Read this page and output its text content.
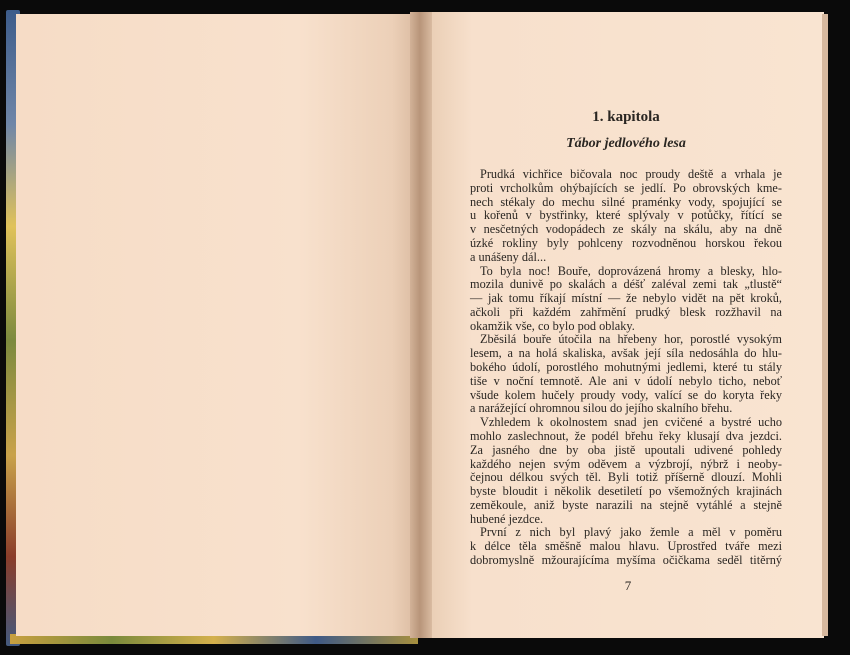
1. kapitola
Tábor jedlového lesa
Prudká vichřice bičovala noc proudy deště a vrhala je
proti vrcholkům ohýbajících se jedlí. Po obrovských kme-
nech stékaly do mechu silné praménky vody, spojující se
u kořenů v bystřinky, které splývaly v potůčky, řítící se
v nesčetných vodopádech ze skály na skálu, aby na dně
úzké rokliny byly pohlceny rozvodněnou horskou řekou
a unášeny dál...
To byla noc! Bouře, doprovázená hromy a blesky, hlo-
mozila dunivě po skalách a déšť zaléval zemi tak „tlustě“
— jak tomu říkají místní — že nebylo vidět na pět kroků,
ačkoli při každém zahřmění prudký blesk rozžhavil na
okamžik vše, co bylo pod oblaky.
Zběsilá bouře útočila na hřebeny hor, porostlé vysokým
lesem, a na holá skaliska, avšak její síla nedosáhla do hlu-
bokého údolí, porostlého mohutnými jedlemi, které tu stály
tiše v noční temnotě. Ale ani v údolí nebylo ticho, neboť
všude kolem hučely proudy vody, valící se do koryta řeky
a narážející ohromnou silou do jejího skalního břehu.
Vzhledem k okolnostem snad jen cvičené a bystré ucho
mohlo zaslechnout, že podél břehu řeky klusají dva jezdci.
Za jasného dne by oba jistě upoutali udivené pohledy
každého nejen svým oděvem a výzbrojí, nýbrž i neoby-
čejnou délkou svých těl. Byli totiž příšerně dlouzí. Mohli
byste bloudit i několik desetiletí po všemožných krajinách
zeměkoule, aniž byste narazili na stejně vytáhlé a stejně
hubené jezdce.
První z nich byl plavý jako žemle a měl v poměru
k délce těla směšně malou hlavu. Uprostřed tváře mezi
dobromyslně mžourajícíma myšíma očičkama seděl titěrný
7
